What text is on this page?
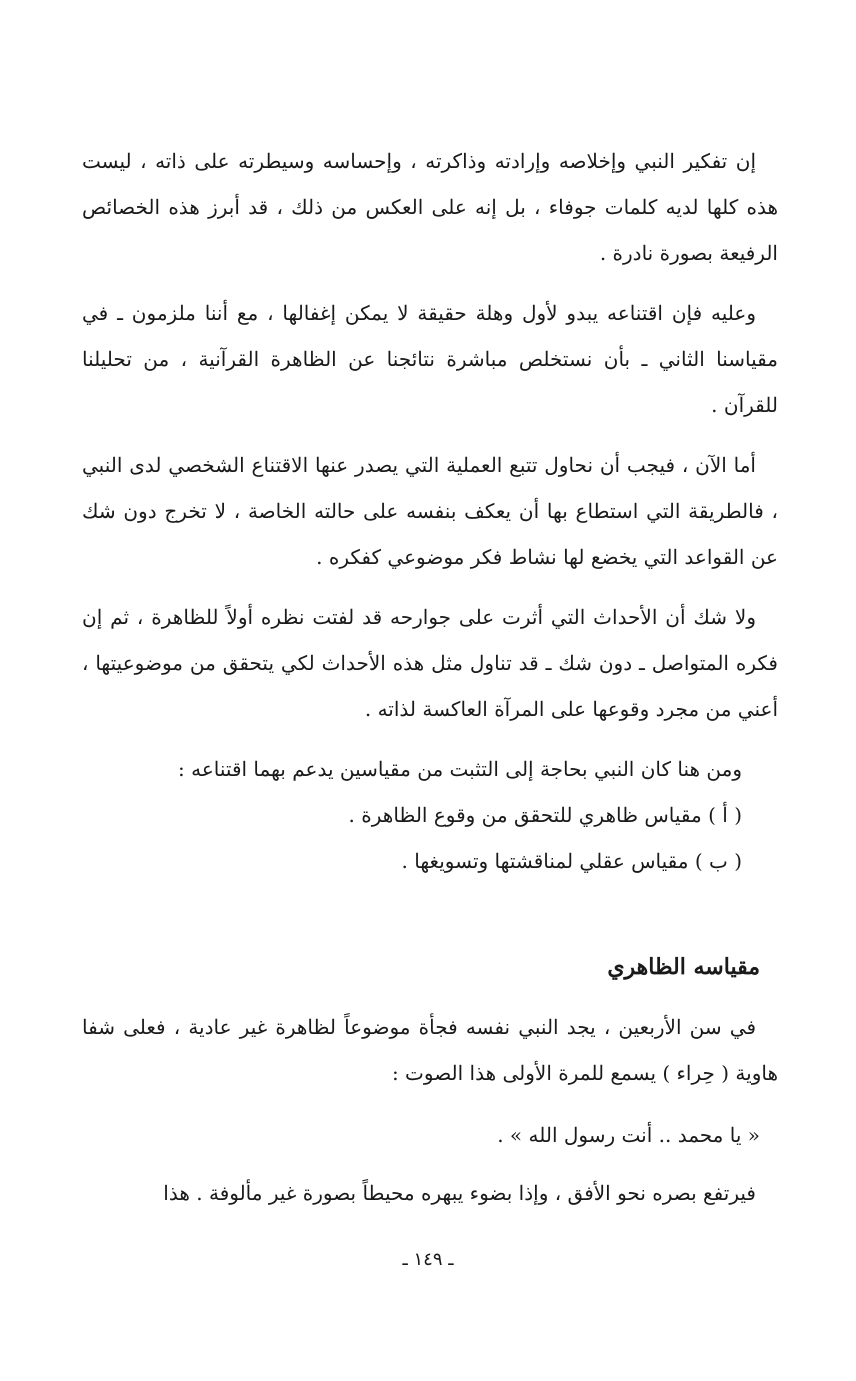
إن تفكير النبي وإخلاصه وإرادته وذاكرته ، وإحساسه وسيطرته على ذاته ، ليست هذه كلها لديه كلمات جوفاء ، بل إنه على العكس من ذلك ، قد أبرز هذه الخصائص الرفيعة بصورة نادرة .

وعليه فإن اقتناعه يبدو لأول وهلة حقيقة لا يمكن إغفالها ، مع أننا ملزمون ـ في مقياسنا الثاني ـ بأن نستخلص مباشرة نتائجنا عن الظاهرة القرآنية ، من تحليلنا للقرآن .

أما الآن ، فيجب أن نحاول تتبع العملية التي يصدر عنها الاقتناع الشخصي لدى النبي ، فالطريقة التي استطاع بها أن يعكف بنفسه على حالته الخاصة ، لا تخرج دون شك عن القواعد التي يخضع لها نشاط فكر موضوعي كفكره .

ولا شك أن الأحداث التي أثرت على جوارحه قد لفتت نظره أولاً للظاهرة ، ثم إن فكره المتواصل ـ دون شك ـ قد تناول مثل هذه الأحداث لكي يتحقق من موضوعيتها ، أعني من مجرد وقوعها على المرآة العاكسة لذاته .

ومن هنا كان النبي بحاجة إلى التثبت من مقياسين يدعم بهما اقتناعه :
( أ ) مقياس ظاهري للتحقق من وقوع الظاهرة .
( ب ) مقياس عقلي لمناقشتها وتسويغها .
مقياسه الظاهري

في سن الأربعين ، يجد النبي نفسه فجأة موضوعاً لظاهرة غير عادية ، فعلى شفا هاوية ( حِراء ) يسمع للمرة الأولى هذا الصوت :

« يا محمد .. أنت رسول الله » .

فيرتفع بصره نحو الأفق ، وإذا بضوء يبهره محيطاً بصورة غير مألوفة . هذا

ـ ١٤٩ ـ
